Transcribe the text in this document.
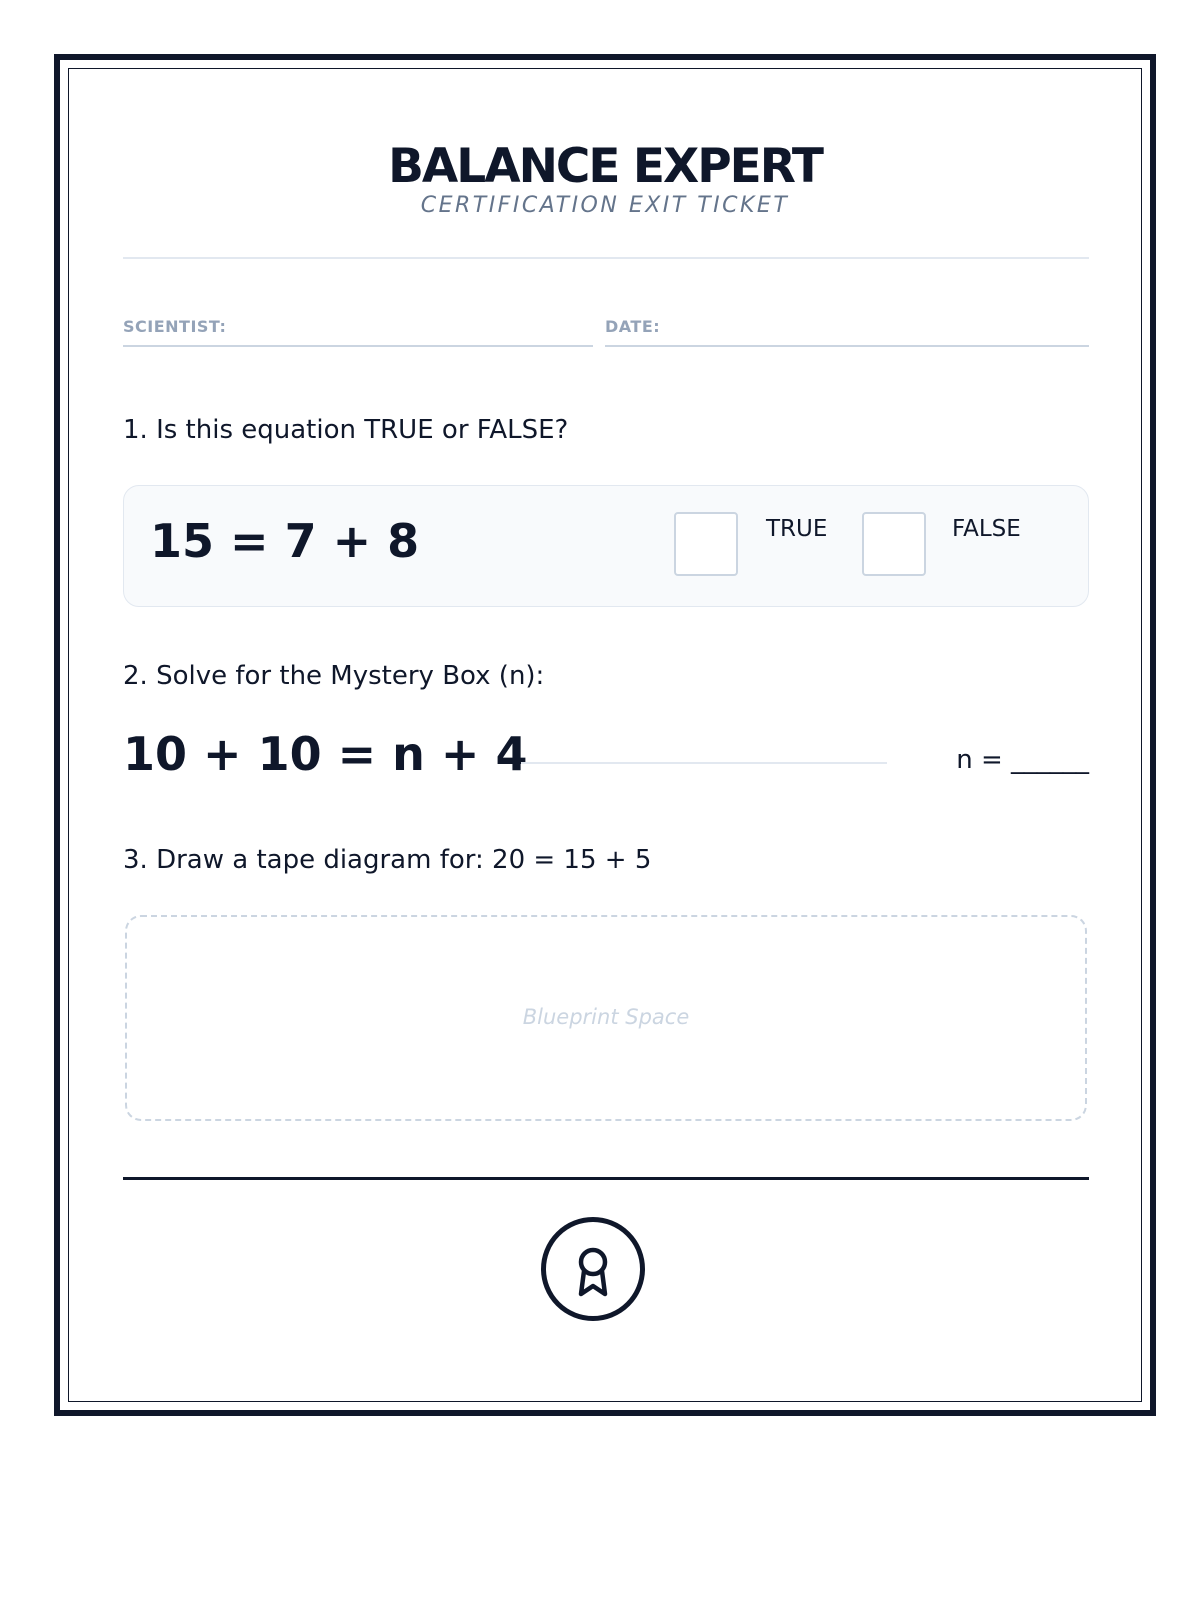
BALANCE EXPERT
CERTIFICATION EXIT TICKET
SCIENTIST:	DATE:
1. Is this equation TRUE or FALSE?
15 = 7 + 8	TRUE	FALSE
2. Solve for the Mystery Box (n):
10 + 10 = n + 4	n = ______
3. Draw a tape diagram for: 20 = 15 + 5
Blueprint Space
